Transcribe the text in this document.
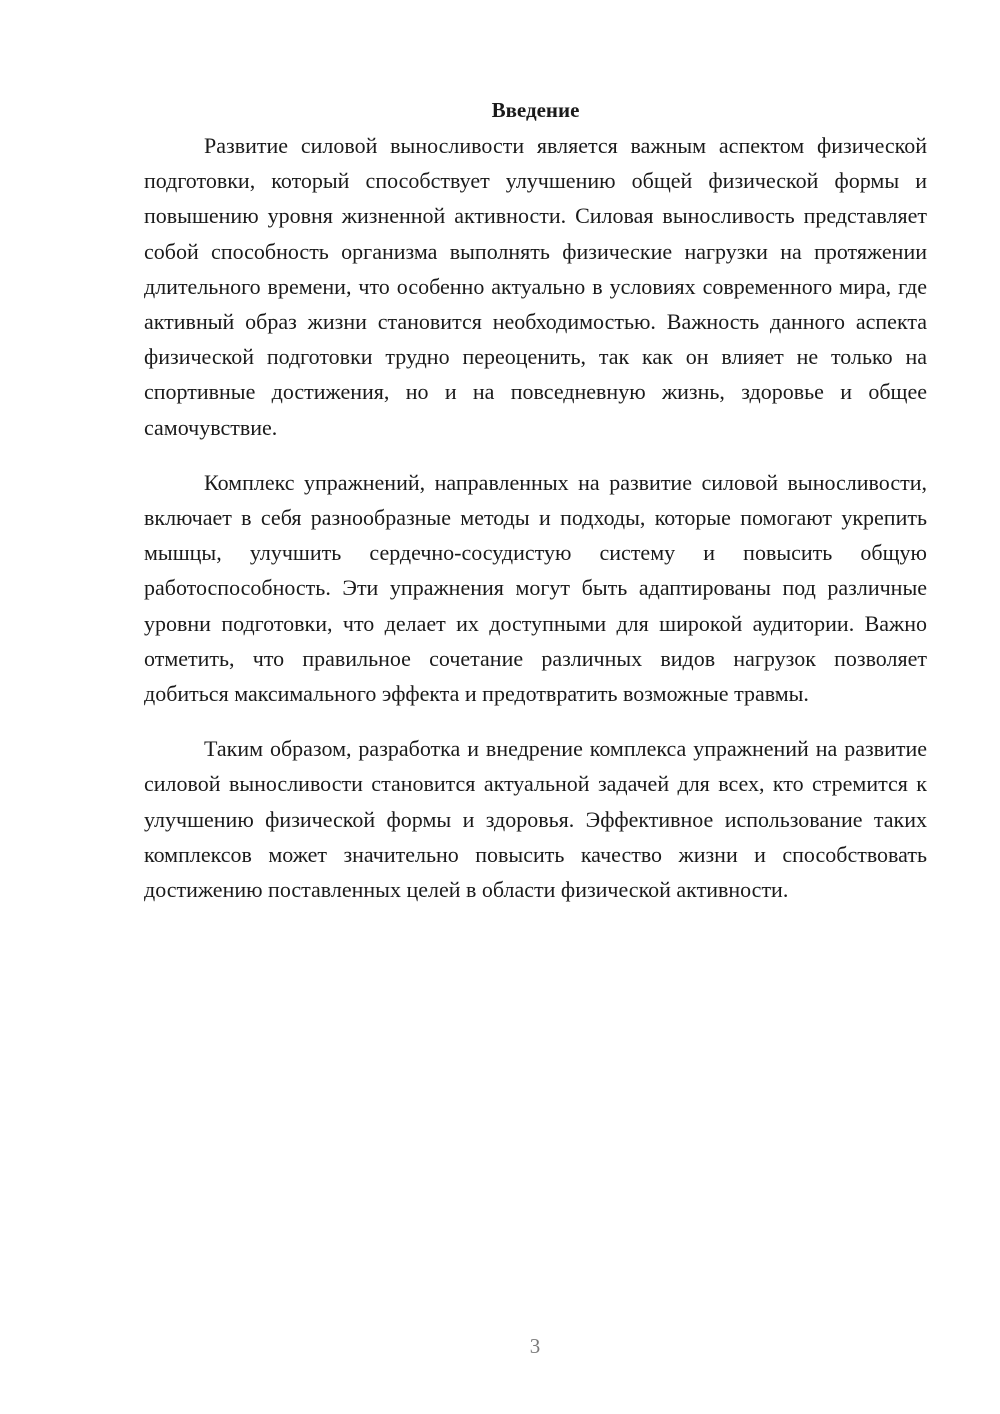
Введение

Развитие силовой выносливости является важным аспектом физической подготовки, который способствует улучшению общей физической формы и повышению уровня жизненной активности. Силовая выносливость представляет собой способность организма выполнять физические нагрузки на протяжении длительного времени, что особенно актуально в условиях современного мира, где активный образ жизни становится необходимостью. Важность данного аспекта физической подготовки трудно переоценить, так как он влияет не только на спортивные достижения, но и на повседневную жизнь, здоровье и общее самочувствие.

Комплекс упражнений, направленных на развитие силовой выносливости, включает в себя разнообразные методы и подходы, которые помогают укрепить мышцы, улучшить сердечно-сосудистую систему и повысить общую работоспособность. Эти упражнения могут быть адаптированы под различные уровни подготовки, что делает их доступными для широкой аудитории. Важно отметить, что правильное сочетание различных видов нагрузок позволяет добиться максимального эффекта и предотвратить возможные травмы.

Таким образом, разработка и внедрение комплекса упражнений на развитие силовой выносливости становится актуальной задачей для всех, кто стремится к улучшению физической формы и здоровья. Эффективное использование таких комплексов может значительно повысить качество жизни и способствовать достижению поставленных целей в области физической активности.

3
